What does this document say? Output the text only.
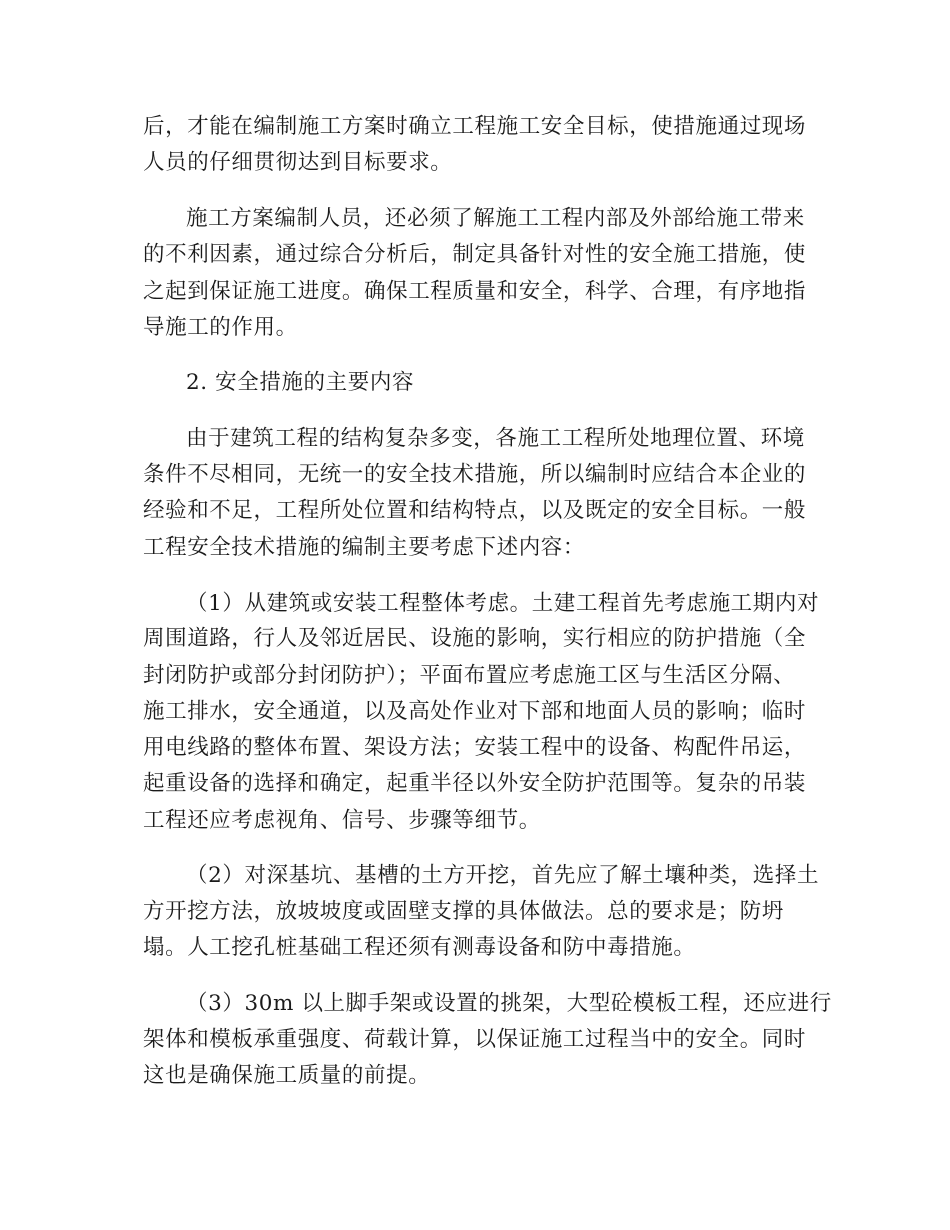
后，才能在编制施工方案时确立工程施工安全目标，使措施通过现场
人员的仔细贯彻达到目标要求。
施工方案编制人员，还必须了解施工工程内部及外部给施工带来
的不利因素，通过综合分析后，制定具备针对性的安全施工措施，使
之起到保证施工进度。确保工程质量和安全，科学、合理，有序地指
导施工的作用。
2. 安全措施的主要内容
由于建筑工程的结构复杂多变，各施工工程所处地理位置、环境
条件不尽相同，无统一的安全技术措施，所以编制时应结合本企业的
经验和不足，工程所处位置和结构特点，以及既定的安全目标。一般
工程安全技术措施的编制主要考虑下述内容：
（1）从建筑或安装工程整体考虑。土建工程首先考虑施工期内对
周围道路，行人及邻近居民、设施的影响，实行相应的防护措施（全
封闭防护或部分封闭防护）；平面布置应考虑施工区与生活区分隔、
施工排水，安全通道，以及高处作业对下部和地面人员的影响；临时
用电线路的整体布置、架设方法；安装工程中的设备、构配件吊运，
起重设备的选择和确定，起重半径以外安全防护范围等。复杂的吊装
工程还应考虑视角、信号、步骤等细节。
（2）对深基坑、基槽的土方开挖，首先应了解土壤种类，选择土
方开挖方法，放坡坡度或固壁支撑的具体做法。总的要求是；防坍
塌。人工挖孔桩基础工程还须有测毒设备和防中毒措施。
（3）30m 以上脚手架或设置的挑架，大型砼模板工程，还应进行
架体和模板承重强度、荷载计算，以保证施工过程当中的安全。同时
这也是确保施工质量的前提。
